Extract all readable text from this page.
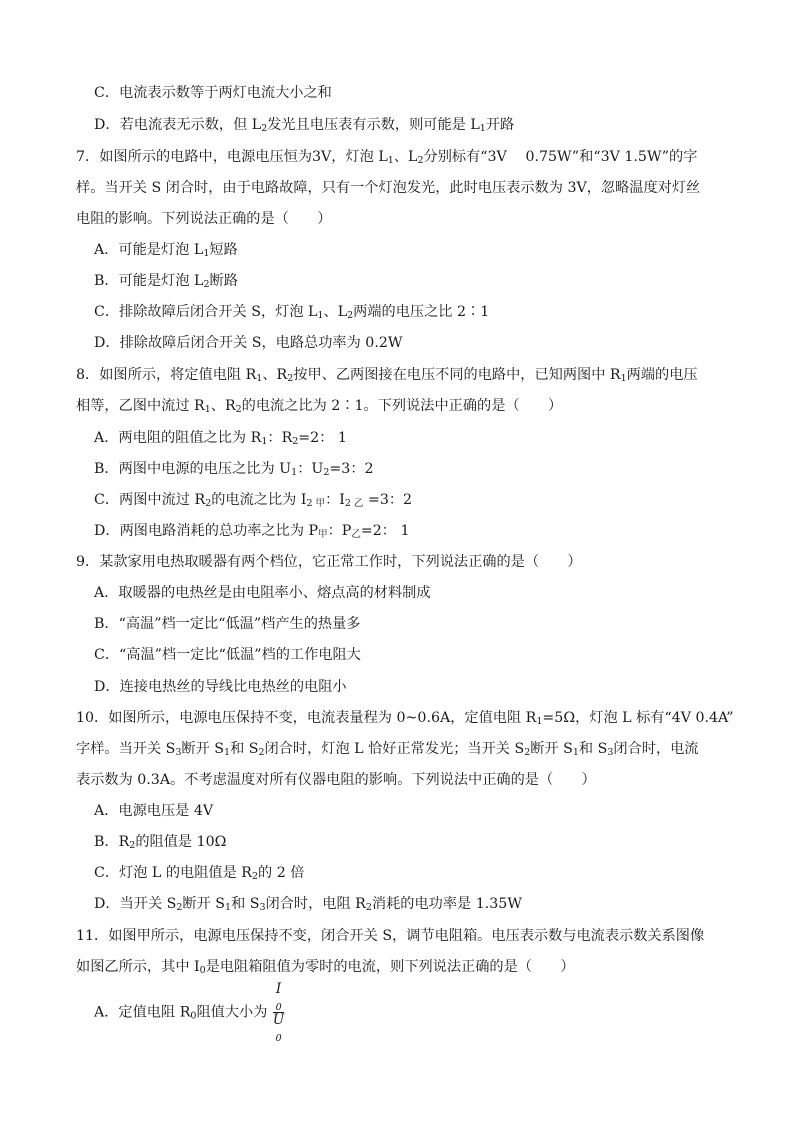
C．电流表示数等于两灯电流大小之和
D．若电流表无示数，但 $L_2$发光且电压表有示数，则可能是 $L_1$开路
7．如图所示的电路中，电源电压恒为3V，灯泡 $L_1$、$L_2$分别标有“3V　 0.75W”和“3V 1.5W”的字
样。当开关 S 闭合时，由于电路故障，只有一个灯泡发光，此时电压表示数为 3V，忽略温度对灯丝
电阻的影响。下列说法正确的是（　　）
A．可能是灯泡 $L_1$短路
B．可能是灯泡 $L_2$断路
C．排除故障后闭合开关 S，灯泡 $L_1$、$L_2$两端的电压之比 2∶1
D．排除故障后闭合开关 S，电路总功率为 0.2W
8．如图所示，将定值电阻 $R_1$、$R_2$按甲、乙两图接在电压不同的电路中，已知两图中 $R_1$两端的电压
相等，乙图中流过 $R_1$、$R_2$的电流之比为 2∶1。下列说法中正确的是（　　）
A．两电阻的阻值之比为 $R_1$：$R_2=2$： 1
B．两图中电源的电压之比为 $U_1$：$U_2=3$：2
C．两图中流过 $R_2$的电流之比为 $I_{2 甲}$：$I_{2 乙} =3$：2
D．两图电路消耗的总功率之比为 $P_甲$：$P_乙=2$： 1
9．某款家用电热取暖器有两个档位，它正常工作时，下列说法正确的是（　　）
A．取暖器的电热丝是由电阻率小、熔点高的材料制成
B．“高温”档一定比“低温”档产生的热量多
C．“高温”档一定比“低温”档的工作电阻大
D．连接电热丝的导线比电热丝的电阻小
10．如图所示，电源电压保持不变，电流表量程为 0~0.6A，定值电阻 $R_1=5\Omega$，灯泡 L 标有“4V 0.4A”
字样。当开关 $S_3$断开 $S_1$和 $S_2$闭合时，灯泡 L 恰好正常发光；当开关 $S_2$断开 $S_1$和 $S_3$闭合时，电流
表示数为 0.3A。不考虑温度对所有仪器电阻的影响。下列说法中正确的是（　　）
A．电源电压是 4V
B．$R_2$的阻值是 10Ω
C．灯泡 L 的电阻值是 $R_2$的 2 倍
D．当开关 $S_2$断开 $S_1$和 $S_3$闭合时，电阻 $R_2$消耗的电功率是 1.35W
11．如图甲所示，电源电压保持不变，闭合开关 S，调节电阻箱。电压表示数与电流表示数关系图像
如图乙所示，其中 $I_0$是电阻箱阻值为零时的电流，则下列说法正确的是（　　）
A．定值电阻 $R_0$阻值大小为 I
$_0$
U
$_0$
